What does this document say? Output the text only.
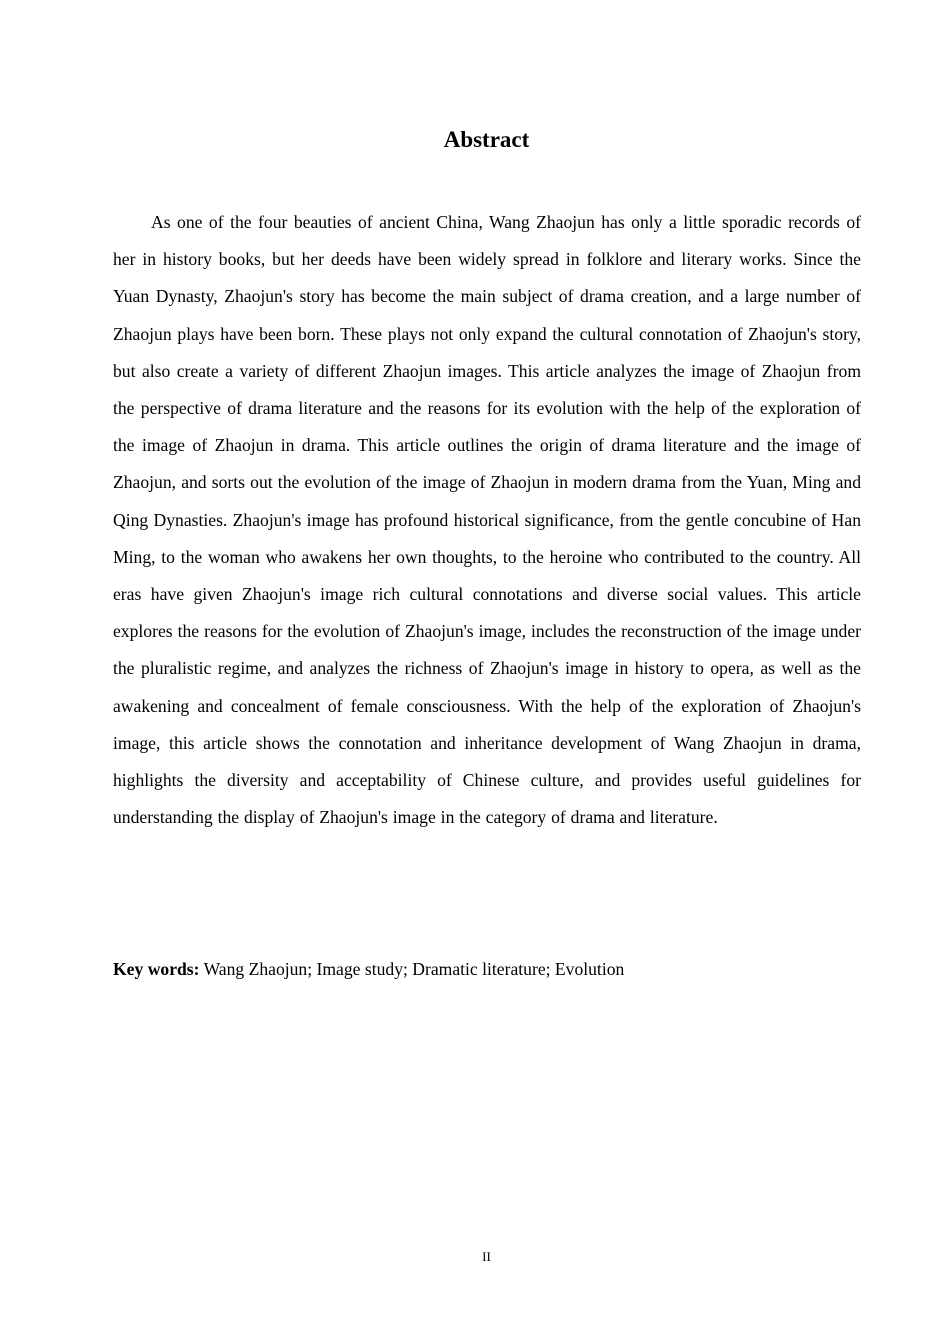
Abstract

As one of the four beauties of ancient China, Wang Zhaojun has only a little sporadic records of her in history books, but her deeds have been widely spread in folklore and literary works. Since the Yuan Dynasty, Zhaojun's story has become the main subject of drama creation, and a large number of Zhaojun plays have been born. These plays not only expand the cultural connotation of Zhaojun's story, but also create a variety of different Zhaojun images. This article analyzes the image of Zhaojun from the perspective of drama literature and the reasons for its evolution with the help of the exploration of the image of Zhaojun in drama. This article outlines the origin of drama literature and the image of Zhaojun, and sorts out the evolution of the image of Zhaojun in modern drama from the Yuan, Ming and Qing Dynasties. Zhaojun's image has profound historical significance, from the gentle concubine of Han Ming, to the woman who awakens her own thoughts, to the heroine who contributed to the country. All eras have given Zhaojun's image rich cultural connotations and diverse social values. This article explores the reasons for the evolution of Zhaojun's image, includes the reconstruction of the image under the pluralistic regime, and analyzes the richness of Zhaojun's image in history to opera, as well as the awakening and concealment of female consciousness. With the help of the exploration of Zhaojun's image, this article shows the connotation and inheritance development of Wang Zhaojun in drama, highlights the diversity and acceptability of Chinese culture, and provides useful guidelines for understanding the display of Zhaojun's image in the category of drama and literature.

Key words: Wang Zhaojun; Image study; Dramatic literature; Evolution

II
